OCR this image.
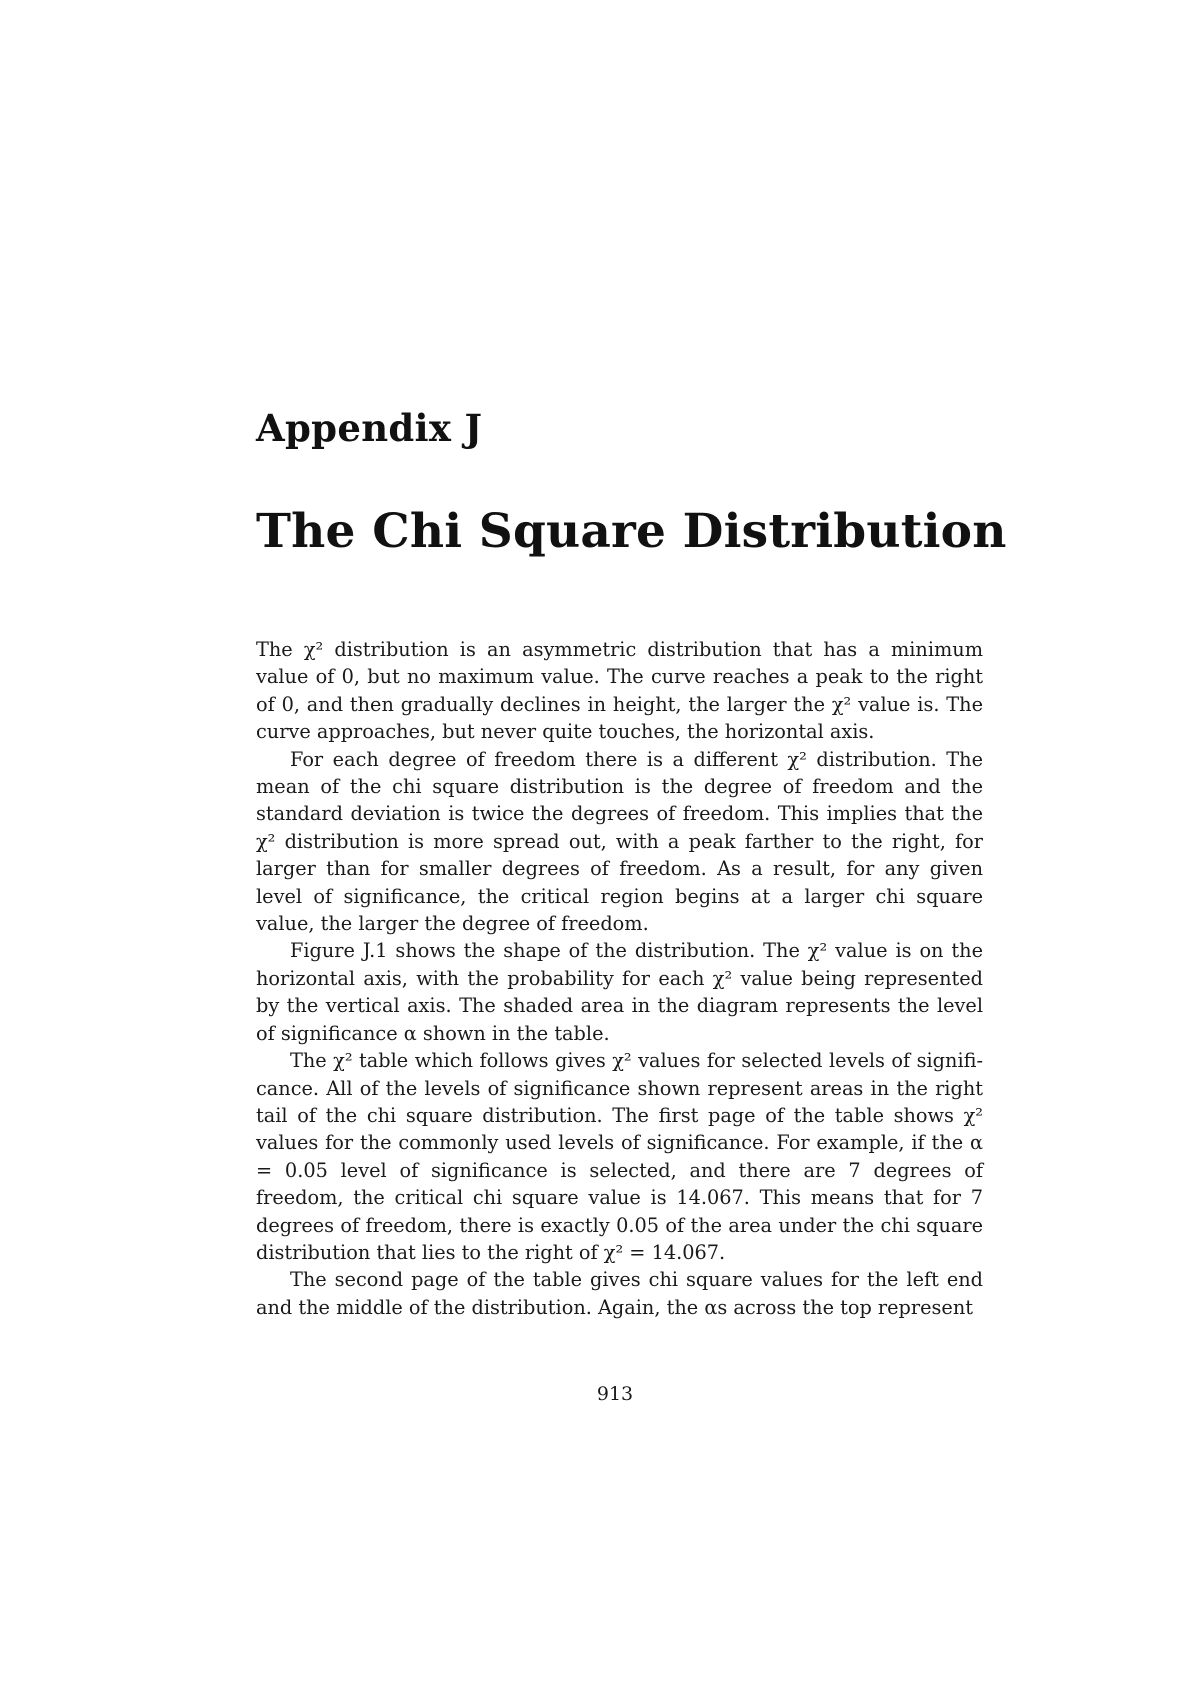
Appendix J
The Chi Square Distribution

The χ² distribution is an asymmetric distribution that has a minimum value of 0, but no maximum value. The curve reaches a peak to the right of 0, and then gradually declines in height, the larger the χ² value is. The curve approaches, but never quite touches, the horizontal axis.

For each degree of freedom there is a different χ² distribution. The mean of the chi square distribution is the degree of freedom and the standard deviation is twice the degrees of freedom. This implies that the χ² distribution is more spread out, with a peak farther to the right, for larger than for smaller degrees of freedom. As a result, for any given level of significance, the critical region begins at a larger chi square value, the larger the degree of freedom.

Figure J.1 shows the shape of the distribution. The χ² value is on the horizontal axis, with the probability for each χ² value being represented by the vertical axis. The shaded area in the diagram represents the level of significance α shown in the table.

The χ² table which follows gives χ² values for selected levels of significance. All of the levels of significance shown represent areas in the right tail of the chi square distribution. The first page of the table shows χ² values for the commonly used levels of significance. For example, if the α = 0.05 level of significance is selected, and there are 7 degrees of freedom, the critical chi square value is 14.067. This means that for 7 degrees of freedom, there is exactly 0.05 of the area under the chi square distribution that lies to the right of χ² = 14.067.

The second page of the table gives chi square values for the left end and the middle of the distribution. Again, the αs across the top represent

913
